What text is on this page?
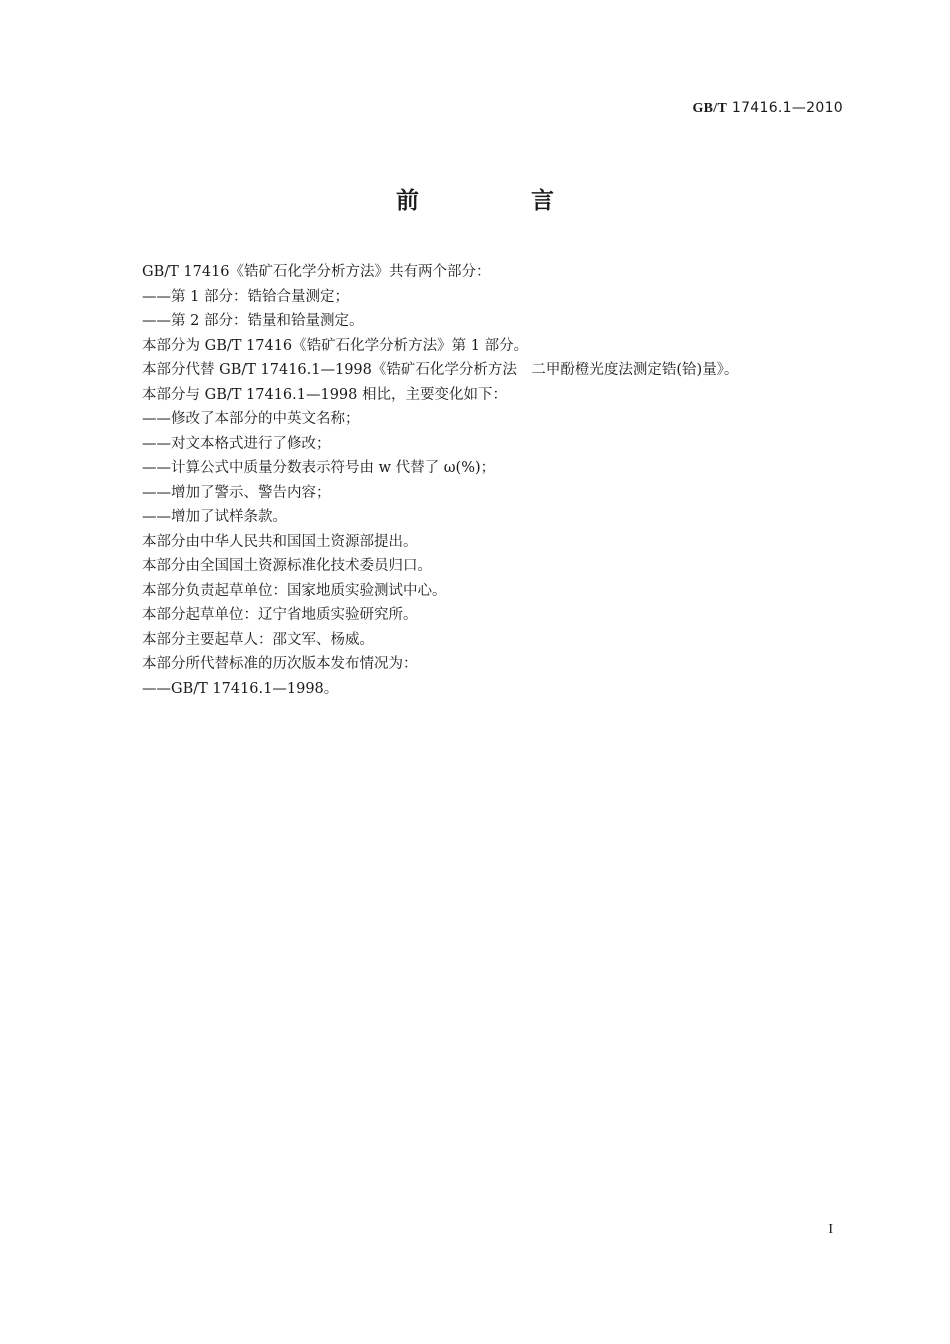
GB/T 17416.1—2010
前 言
GB/T 17416《锆矿石化学分析方法》共有两个部分：
——第 1 部分：锆铪合量测定；
——第 2 部分：锆量和铪量测定。
本部分为 GB/T 17416《锆矿石化学分析方法》第 1 部分。
本部分代替 GB/T 17416.1—1998《锆矿石化学分析方法　二甲酚橙光度法测定锆(铪)量》。
本部分与 GB/T 17416.1—1998 相比，主要变化如下：
——修改了本部分的中英文名称；
——对文本格式进行了修改；
——计算公式中质量分数表示符号由 w 代替了 ω(%)；
——增加了警示、警告内容；
——增加了试样条款。
本部分由中华人民共和国国土资源部提出。
本部分由全国国土资源标准化技术委员归口。
本部分负责起草单位：国家地质实验测试中心。
本部分起草单位：辽宁省地质实验研究所。
本部分主要起草人：邵文军、杨威。
本部分所代替标准的历次版本发布情况为：
——GB/T 17416.1—1998。
I
